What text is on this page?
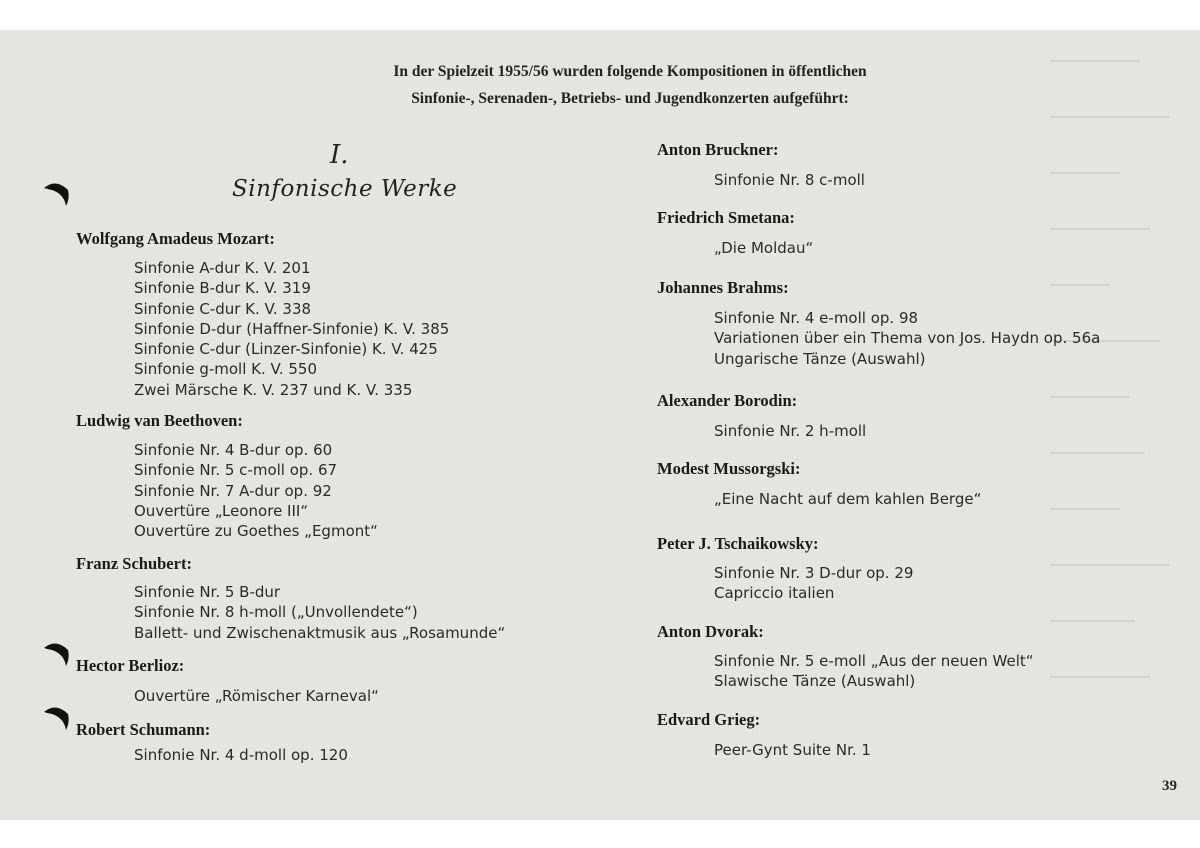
In der Spielzeit 1955/56 wurden folgende Kompositionen in öffentlichen
Sinfonie-, Serenaden-, Betriebs- und Jugendkonzerten aufgeführt:
I.
Sinfonische Werke
Wolfgang Amadeus Mozart:
Sinfonie A-dur K. V. 201
Sinfonie B-dur K. V. 319
Sinfonie C-dur K. V. 338
Sinfonie D-dur (Haffner-Sinfonie) K. V. 385
Sinfonie C-dur (Linzer-Sinfonie) K. V. 425
Sinfonie g-moll K. V. 550
Zwei Märsche K. V. 237 und K. V. 335
Ludwig van Beethoven:
Sinfonie Nr. 4 B-dur op. 60
Sinfonie Nr. 5 c-moll op. 67
Sinfonie Nr. 7 A-dur op. 92
Ouvertüre „Leonore III“
Ouvertüre zu Goethes „Egmont“
Franz Schubert:
Sinfonie Nr. 5 B-dur
Sinfonie Nr. 8 h-moll („Unvollendete“)
Ballett- und Zwischenaktmusik aus „Rosamunde“
Hector Berlioz:
Ouvertüre „Römischer Karneval“
Robert Schumann:
Sinfonie Nr. 4 d-moll op. 120
Anton Bruckner:
Sinfonie Nr. 8 c-moll
Friedrich Smetana:
„Die Moldau“
Johannes Brahms:
Sinfonie Nr. 4 e-moll op. 98
Variationen über ein Thema von Jos. Haydn op. 56a
Ungarische Tänze (Auswahl)
Alexander Borodin:
Sinfonie Nr. 2 h-moll
Modest Mussorgski:
„Eine Nacht auf dem kahlen Berge“
Peter J. Tschaikowsky:
Sinfonie Nr. 3 D-dur op. 29
Capriccio italien
Anton Dvorak:
Sinfonie Nr. 5 e-moll „Aus der neuen Welt“
Slawische Tänze (Auswahl)
Edvard Grieg:
Peer-Gynt Suite Nr. 1
39
